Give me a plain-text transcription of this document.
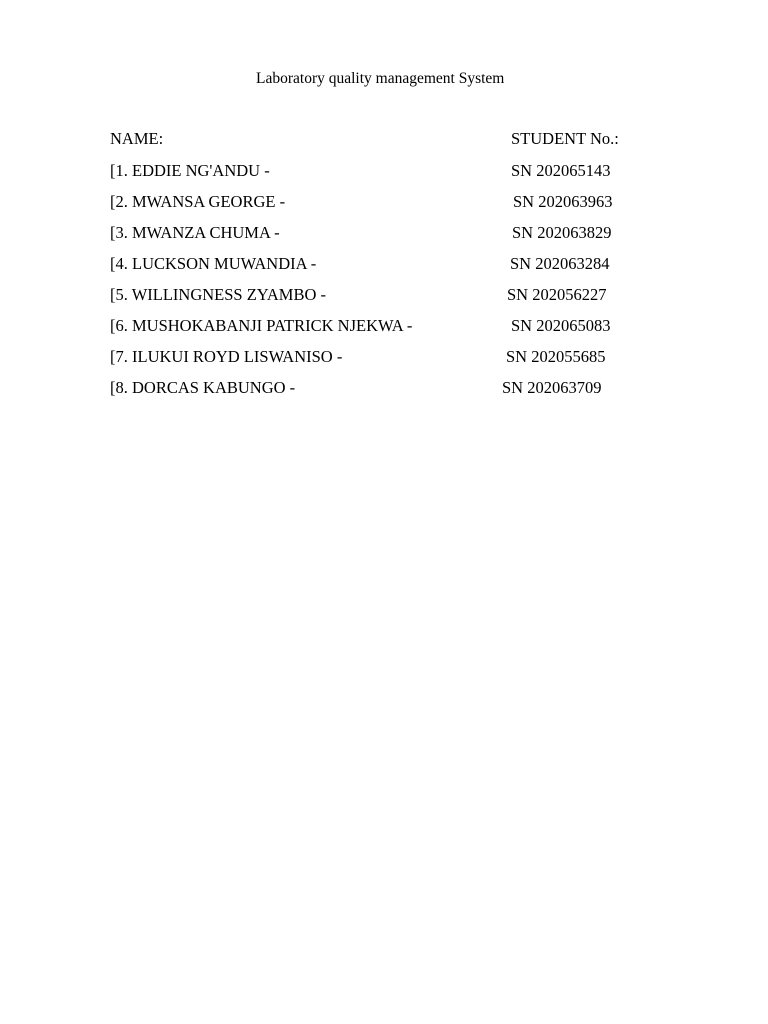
Laboratory quality management System
NAME:	STUDENT No.:
[1. EDDIE NG'ANDU -	SN 202065143
[2. MWANSA GEORGE -	SN 202063963
[3. MWANZA CHUMA -	SN 202063829
[4. LUCKSON MUWANDIA -	SN 202063284
[5. WILLINGNESS ZYAMBO -	SN 202056227
[6. MUSHOKABANJI PATRICK NJEKWA -	SN 202065083
[7. ILUKUI ROYD LISWANISO -	SN 202055685
[8. DORCAS KABUNGO -	SN 202063709
